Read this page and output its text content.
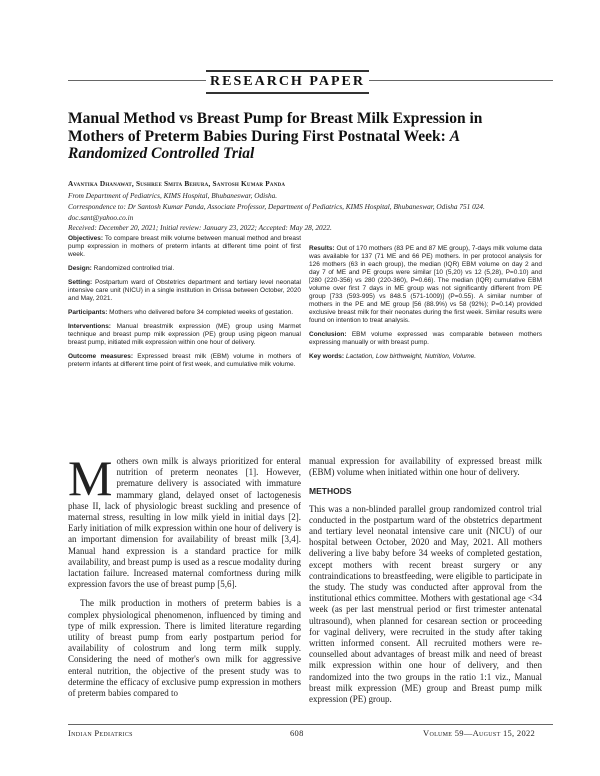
RESEARCH PAPER
Manual Method vs Breast Pump for Breast Milk Expression in Mothers of Preterm Babies During First Postnatal Week: A Randomized Controlled Trial
Avantika Dhanawat, Sushree Smita Behura, Santosh Kumar Panda
From Department of Pediatrics, KIMS Hospital, Bhubaneswar, Odisha.
Correspondence to: Dr Santosh Kumar Panda, Associate Professor, Department of Pediatrics, KIMS Hospital, Bhubaneswar, Odisha 751 024. doc.sant@yahoo.co.in
Received: December 20, 2021; Initial review: January 23, 2022; Accepted: May 28, 2022.

Objectives: To compare breast milk volume between manual method and breast pump expression in mothers of preterm infants at different time point of first week.

Design: Randomized controlled trial.

Setting: Postpartum ward of Obstetrics department and tertiary level neonatal intensive care unit (NICU) in a single institution in Orissa between October, 2020 and May, 2021.

Participants: Mothers who delivered before 34 completed weeks of gestation.

Interventions: Manual breastmilk expression (ME) group using Marmet technique and breast pump milk expression (PE) group using pigeon manual breast pump, initiated milk expression within one hour of delivery.

Outcome measures: Expressed breast milk (EBM) volume in mothers of preterm infants at different time point of first week, and cumulative milk volume.

Results: Out of 170 mothers (83 PE and 87 ME group), 7-days milk volume data was available for 137 (71 ME and 66 PE) mothers. In per protocol analysis for 126 mothers (63 in each group), the median (IQR) EBM volume on day 2 and day 7 of ME and PE groups were similar [10 (5,20) vs 12 (5,28), P=0.10) and [280 (220-356) vs 280 (220-360), P=0.66). The median (IQR) cumulative EBM volume over first 7 days in ME group was not significantly different from PE group [733 (593-995) vs 848.5 (571-1009)] (P=0.55). A similar number of mothers in the PE and ME group [56 (88.9%) vs 58 (92%); P=0.14) provided exclusive breast milk for their neonates during the first week. Similar results were found on intention to treat analysis.

Conclusion: EBM volume expressed was comparable between mothers expressing manually or with breast pump.

Key words: Lactation, Low birthweight, Nutrition, Volume.

Mothers own milk is always prioritized for enteral nutrition of preterm neonates [1]. However, premature delivery is associated with immature mammary gland, delayed onset of lactogenesis phase II, lack of physiologic breast suckling and presence of maternal stress, resulting in low milk yield in initial days [2]. Early initiation of milk expression within one hour of delivery is an important dimension for availability of breast milk [3,4]. Manual hand expression is a standard practice for milk availability, and breast pump is used as a rescue modality during lactation failure. Increased maternal comfortness during milk expression favors the use of breast pump [5,6].

The milk production in mothers of preterm babies is a complex physiological phenomenon, influenced by timing and type of milk expression. There is limited literature regarding utility of breast pump from early postpartum period for availability of colostrum and long term milk supply. Considering the need of mother's own milk for aggressive enteral nutrition, the objective of the present study was to determine the efficacy of exclusive pump expression in mothers of preterm babies compared to

manual expression for availability of expressed breast milk (EBM) volume when initiated within one hour of delivery.

METHODS

This was a non-blinded parallel group randomized control trial conducted in the postpartum ward of the obstetrics department and tertiary level neonatal intensive care unit (NICU) of our hospital between October, 2020 and May, 2021. All mothers delivering a live baby before 34 weeks of completed gestation, except mothers with recent breast surgery or any contraindications to breastfeeding, were eligible to participate in the study. The study was conducted after approval from the institutional ethics committee. Mothers with gestational age <34 week (as per last menstrual period or first trimester antenatal ultrasound), when planned for cesarean section or proceeding for vaginal delivery, were recruited in the study after taking written informed consent. All recruited mothers were re-counselled about advantages of breast milk and need of breast milk expression within one hour of delivery, and then randomized into the two groups in the ratio 1:1 viz., Manual breast milk expression (ME) group and Breast pump milk expression (PE) group.

Indian Pediatrics	608	Volume 59—August 15, 2022
